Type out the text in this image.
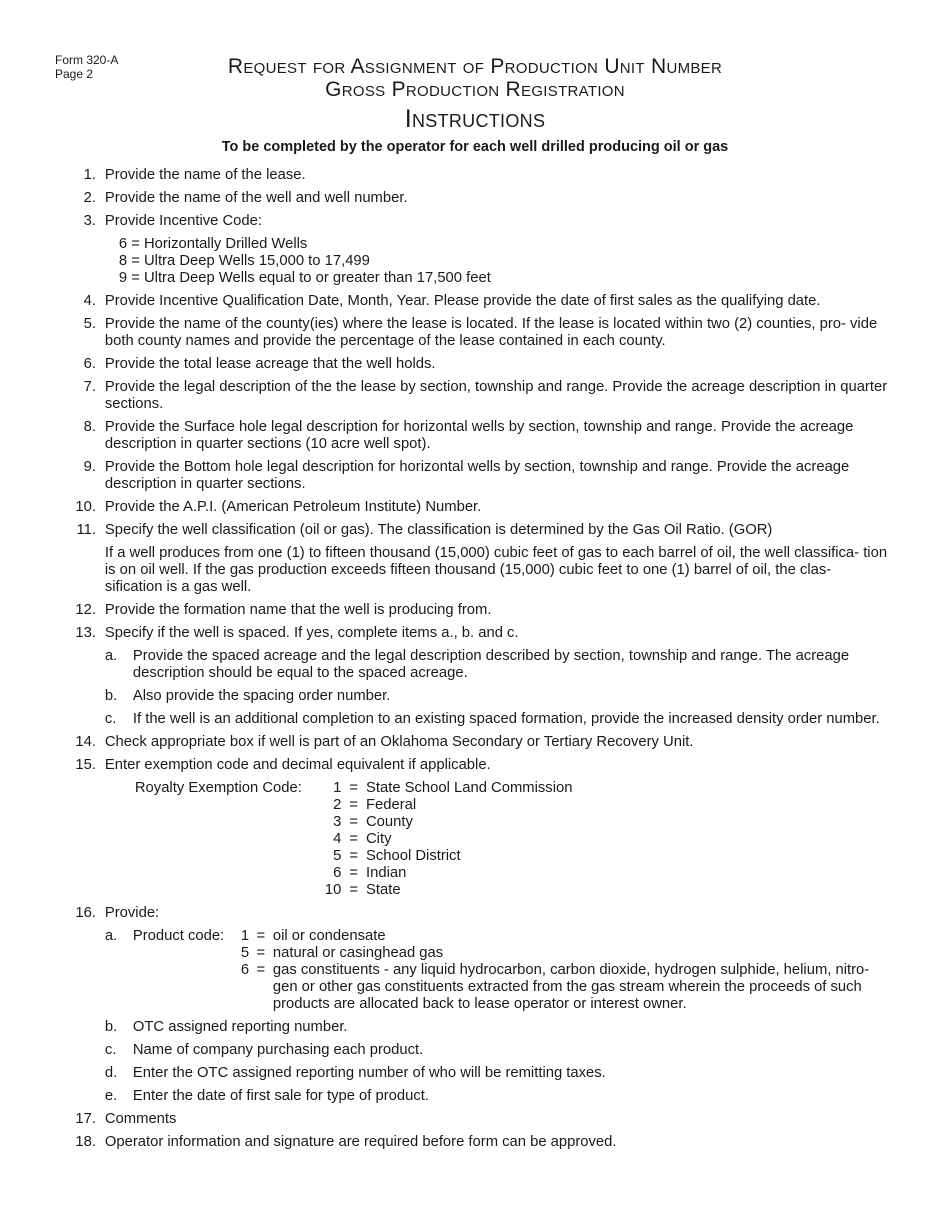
Form 320-A
Page 2	Request for Assignment of Production Unit Number
Gross Production Registration
Instructions
To be completed by the operator for each well drilled producing oil or gas
1. Provide the name of the lease.
2. Provide the name of the well and well number.
3. Provide Incentive Code:
6 = Horizontally Drilled Wells
8 = Ultra Deep Wells 15,000 to 17,499
9 = Ultra Deep Wells equal to or greater than 17,500 feet
4. Provide Incentive Qualification Date, Month, Year. Please provide the date of first sales as the qualifying date.
5. Provide the name of the county(ies) where the lease is located. If the lease is located within two (2) counties, pro- vide both county names and provide the percentage of the lease contained in each county.
6. Provide the total lease acreage that the well holds.
7. Provide the legal description of the the lease by section, township and range. Provide the acreage description in quarter sections.
8. Provide the Surface hole legal description for horizontal wells by section, township and range. Provide the acreage description in quarter sections (10 acre well spot).
9. Provide the Bottom hole legal description for horizontal wells by section, township and range. Provide the acreage description in quarter sections.
10. Provide the A.P.I. (American Petroleum Institute) Number.
11. Specify the well classification (oil or gas). The classification is determined by the Gas Oil Ratio. (GOR)
If a well produces from one (1) to fifteen thousand (15,000) cubic feet of gas to each barrel of oil, the well classifica- tion is on oil well. If the gas production exceeds fifteen thousand (15,000) cubic feet to one (1) barrel of oil, the clas- sification is a gas well.
12. Provide the formation name that the well is producing from.
13. Specify if the well is spaced. If yes, complete items a., b. and c.
a.	Provide the spaced acreage and the legal description described by section, township and range. The acreage description should be equal to the spaced acreage.
b.	Also provide the spacing order number.
c.	If the well is an additional completion to an existing spaced formation, provide the increased density order number.
14. Check appropriate box if well is part of an Oklahoma Secondary or Tertiary Recovery Unit.
15. Enter exemption code and decimal equivalent if applicable.
Royalty Exemption Code:	1	=	State School Land Commission
2	=	Federal
3	=	County
4	=	City
5	=	School District
6	=	Indian
10	=	State
16. Provide:
a.	Product code:	1 = oil or condensate
5 = natural or casinghead gas
6 = gas constituents - any liquid hydrocarbon, carbon dioxide, hydrogen sulphide, helium, nitro- gen or other gas constituents extracted from the gas stream wherein the proceeds of such products are allocated back to lease operator or interest owner.
b.	OTC assigned reporting number.
c.	Name of company purchasing each product.
d.	Enter the OTC assigned reporting number of who will be remitting taxes.
e.	Enter the date of first sale for type of product.
17. Comments
18. Operator information and signature are required before form can be approved.
